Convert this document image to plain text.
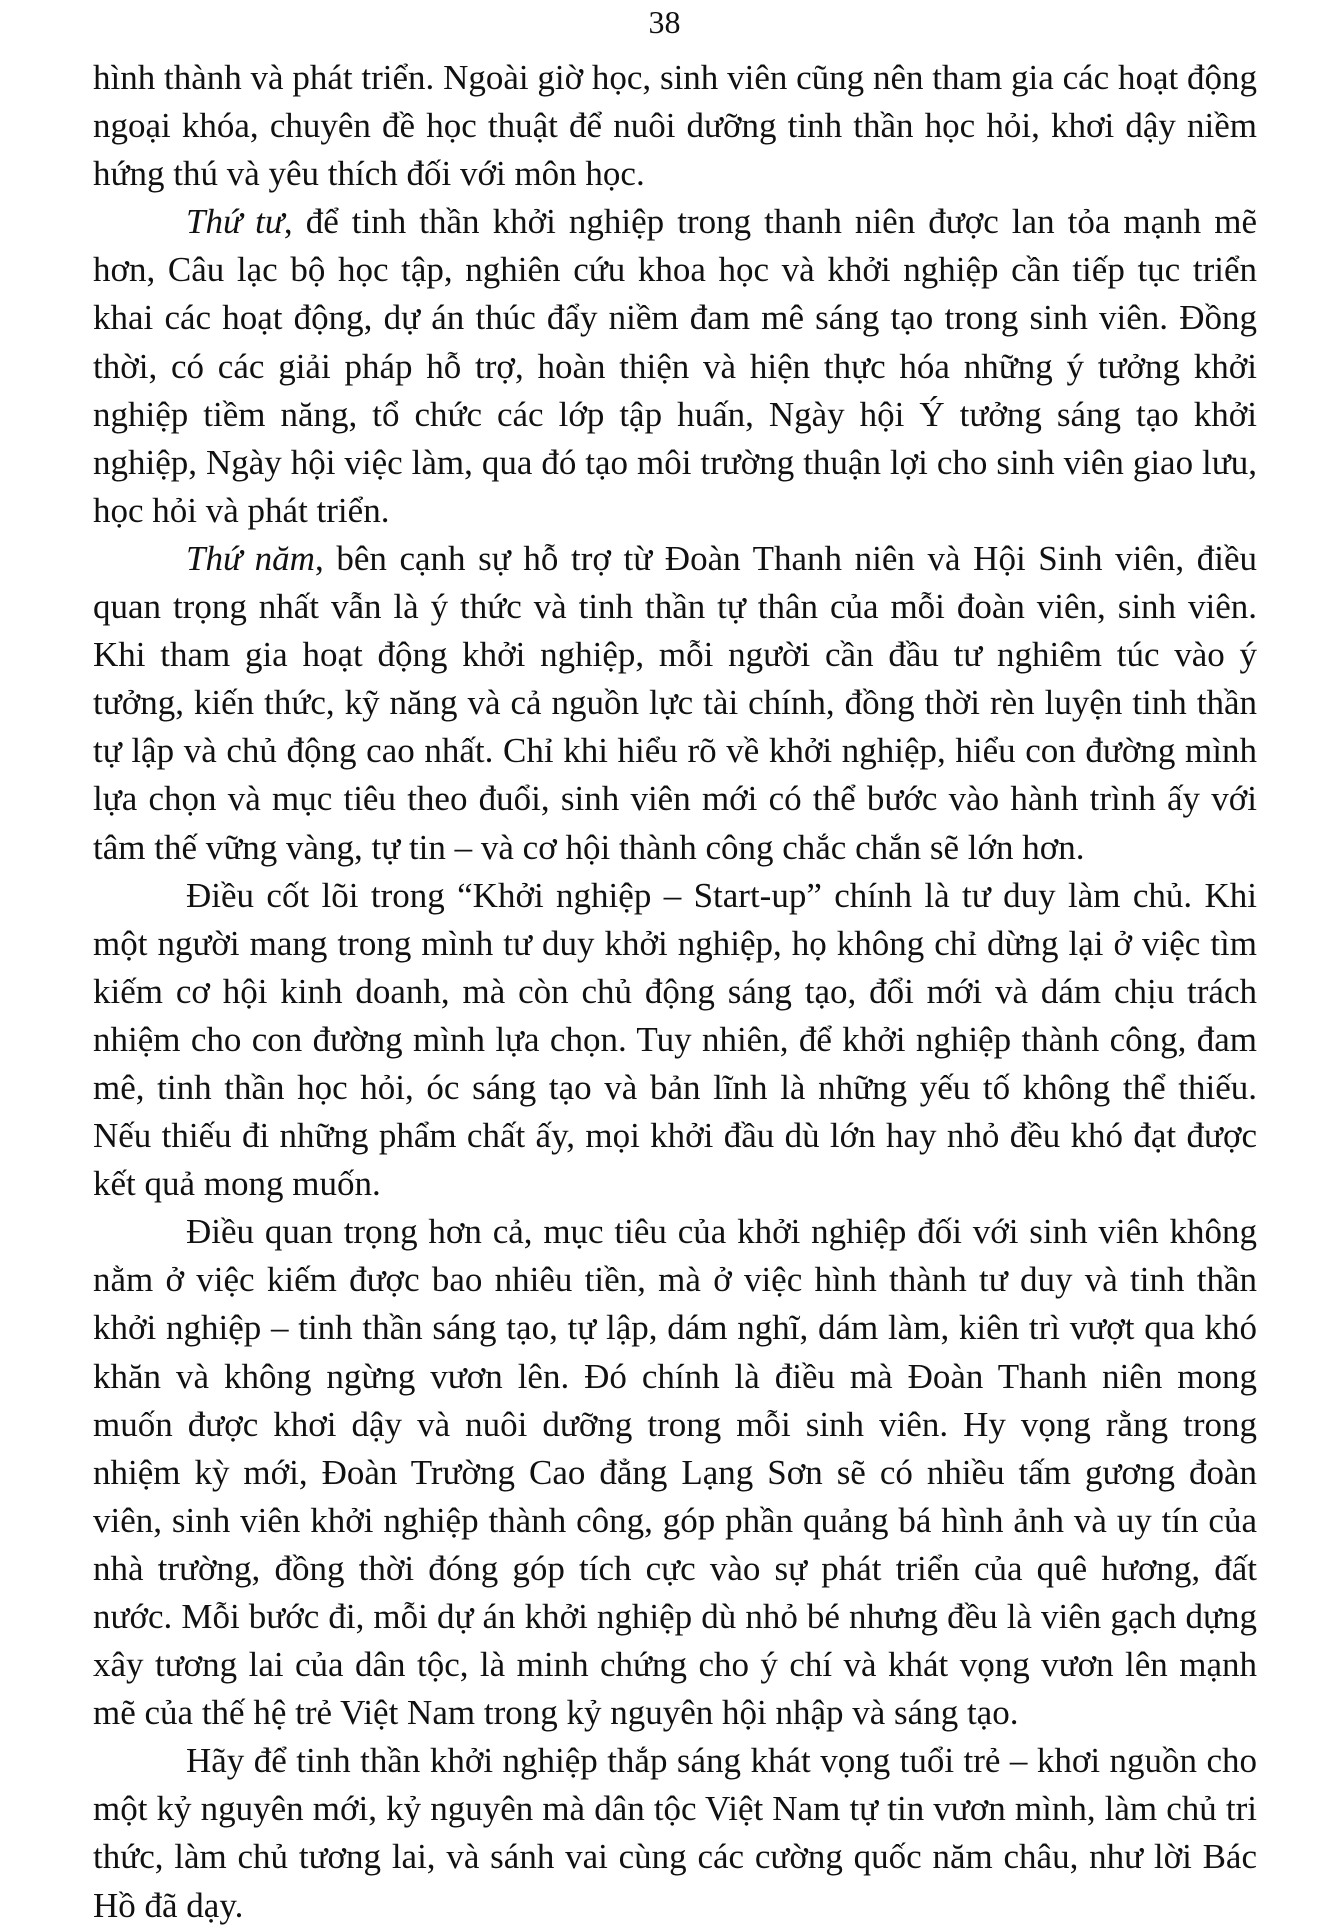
38

hình thành và phát triển. Ngoài giờ học, sinh viên cũng nên tham gia các hoạt động ngoại khóa, chuyên đề học thuật để nuôi dưỡng tinh thần học hỏi, khơi dậy niềm hứng thú và yêu thích đối với môn học.

Thứ tư, để tinh thần khởi nghiệp trong thanh niên được lan tỏa mạnh mẽ hơn, Câu lạc bộ học tập, nghiên cứu khoa học và khởi nghiệp cần tiếp tục triển khai các hoạt động, dự án thúc đẩy niềm đam mê sáng tạo trong sinh viên. Đồng thời, có các giải pháp hỗ trợ, hoàn thiện và hiện thực hóa những ý tưởng khởi nghiệp tiềm năng, tổ chức các lớp tập huấn, Ngày hội Ý tưởng sáng tạo khởi nghiệp, Ngày hội việc làm, qua đó tạo môi trường thuận lợi cho sinh viên giao lưu, học hỏi và phát triển.

Thứ năm, bên cạnh sự hỗ trợ từ Đoàn Thanh niên và Hội Sinh viên, điều quan trọng nhất vẫn là ý thức và tinh thần tự thân của mỗi đoàn viên, sinh viên. Khi tham gia hoạt động khởi nghiệp, mỗi người cần đầu tư nghiêm túc vào ý tưởng, kiến thức, kỹ năng và cả nguồn lực tài chính, đồng thời rèn luyện tinh thần tự lập và chủ động cao nhất. Chỉ khi hiểu rõ về khởi nghiệp, hiểu con đường mình lựa chọn và mục tiêu theo đuổi, sinh viên mới có thể bước vào hành trình ấy với tâm thế vững vàng, tự tin – và cơ hội thành công chắc chắn sẽ lớn hơn.

Điều cốt lõi trong “Khởi nghiệp – Start-up” chính là tư duy làm chủ. Khi một người mang trong mình tư duy khởi nghiệp, họ không chỉ dừng lại ở việc tìm kiếm cơ hội kinh doanh, mà còn chủ động sáng tạo, đổi mới và dám chịu trách nhiệm cho con đường mình lựa chọn. Tuy nhiên, để khởi nghiệp thành công, đam mê, tinh thần học hỏi, óc sáng tạo và bản lĩnh là những yếu tố không thể thiếu. Nếu thiếu đi những phẩm chất ấy, mọi khởi đầu dù lớn hay nhỏ đều khó đạt được kết quả mong muốn.

Điều quan trọng hơn cả, mục tiêu của khởi nghiệp đối với sinh viên không nằm ở việc kiếm được bao nhiêu tiền, mà ở việc hình thành tư duy và tinh thần khởi nghiệp – tinh thần sáng tạo, tự lập, dám nghĩ, dám làm, kiên trì vượt qua khó khăn và không ngừng vươn lên. Đó chính là điều mà Đoàn Thanh niên mong muốn được khơi dậy và nuôi dưỡng trong mỗi sinh viên. Hy vọng rằng trong nhiệm kỳ mới, Đoàn Trường Cao đẳng Lạng Sơn sẽ có nhiều tấm gương đoàn viên, sinh viên khởi nghiệp thành công, góp phần quảng bá hình ảnh và uy tín của nhà trường, đồng thời đóng góp tích cực vào sự phát triển của quê hương, đất nước. Mỗi bước đi, mỗi dự án khởi nghiệp dù nhỏ bé nhưng đều là viên gạch dựng xây tương lai của dân tộc, là minh chứng cho ý chí và khát vọng vươn lên mạnh mẽ của thế hệ trẻ Việt Nam trong kỷ nguyên hội nhập và sáng tạo.

Hãy để tinh thần khởi nghiệp thắp sáng khát vọng tuổi trẻ – khơi nguồn cho một kỷ nguyên mới, kỷ nguyên mà dân tộc Việt Nam tự tin vươn mình, làm chủ tri thức, làm chủ tương lai, và sánh vai cùng các cường quốc năm châu, như lời Bác Hồ đã dạy.
